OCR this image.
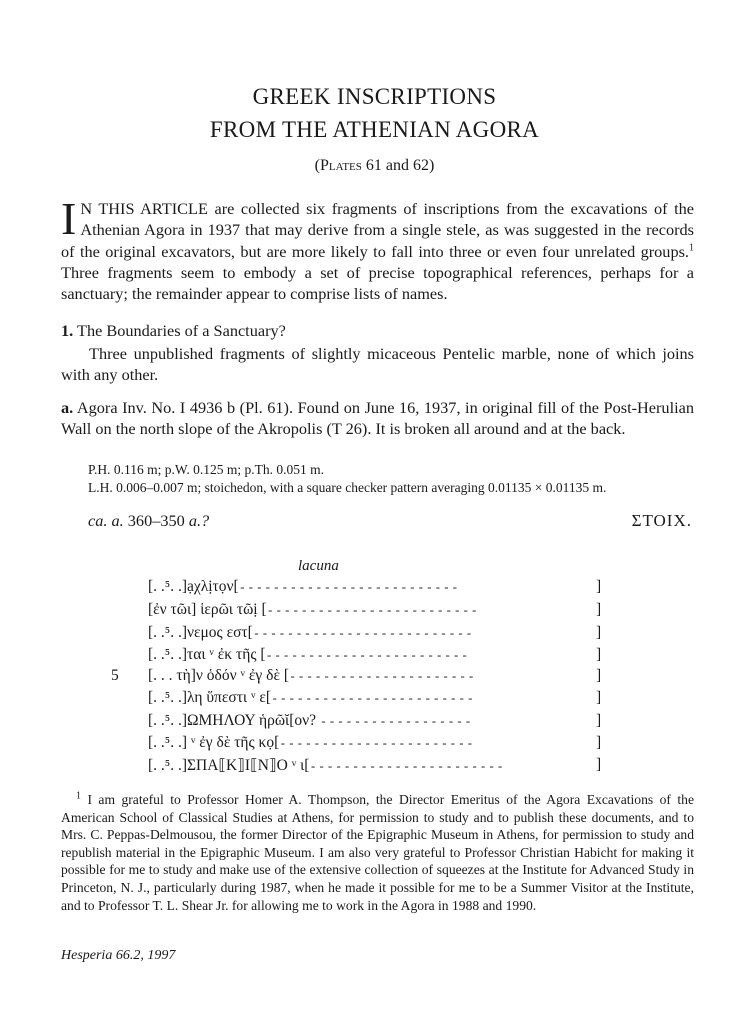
GREEK INSCRIPTIONS
FROM THE ATHENIAN AGORA
(Plates 61 and 62)
I N THIS ARTICLE are collected six fragments of inscriptions from the excavations of the Athenian Agora in 1937 that may derive from a single stele, as was suggested in the records of the original excavators, but are more likely to fall into three or even four unrelated groups.$^1$ Three fragments seem to embody a set of precise topographical references, perhaps for a sanctuary; the remainder appear to comprise lists of names.
1. The Boundaries of a Sanctuary?
Three unpublished fragments of slightly micaceous Pentelic marble, none of which joins with any other.
a. Agora Inv. No. I 4936 b (Pl. 61). Found on June 16, 1937, in original fill of the Post-Herulian Wall on the north slope of the Akropolis (T 26). It is broken all around and at the back.
P.H. 0.116 m; p.W. 0.125 m; p.Th. 0.051 m.
L.H. 0.006–0.007 m; stoichedon, with a square checker pattern averaging 0.01135 × 0.01135 m.
ca. a. 360–350 a.?	ΣΤΟΙΧ.
lacuna
[. .⁵. .]ạχλịτọν[--------------------------	]
[ἐν τῶι] ἱερῶι τῶị [-------------------------	]
[. .⁵. .]νεμος εστ[--------------------------	]
[. .⁵. .]ται ᵛ ἐκ τῆς [------------------------	]
5 [. . . τὴ]ν ὁδόν ᵛ ἐγ δὲ [----------------------	]
[. .⁵. .]λη ὕπεστι ᵛ ε[------------------------	]
[. .⁵. .]ΩΜΗΛΟΥ ἡρῶῐ[ον? ------------------	]
[. .⁵. .] ᵛ ἐγ δὲ τῆς κọ[-----------------------	]
[. .⁵. .]ΣΠΑ⟦Κ⟧Ι⟦Ν⟧Ο ᵛ ι[-----------------------	]
$^1$ I am grateful to Professor Homer A. Thompson, the Director Emeritus of the Agora Excavations of the American School of Classical Studies at Athens, for permission to study and to publish these documents, and to Mrs. C. Peppas-Delmousou, the former Director of the Epigraphic Museum in Athens, for permission to study and republish material in the Epigraphic Museum. I am also very grateful to Professor Christian Habicht for making it possible for me to study and make use of the extensive collection of squeezes at the Institute for Advanced Study in Princeton, N. J., particularly during 1987, when he made it possible for me to be a Summer Visitor at the Institute, and to Professor T. L. Shear Jr. for allowing me to work in the Agora in 1988 and 1990.
Hesperia 66.2, 1997
